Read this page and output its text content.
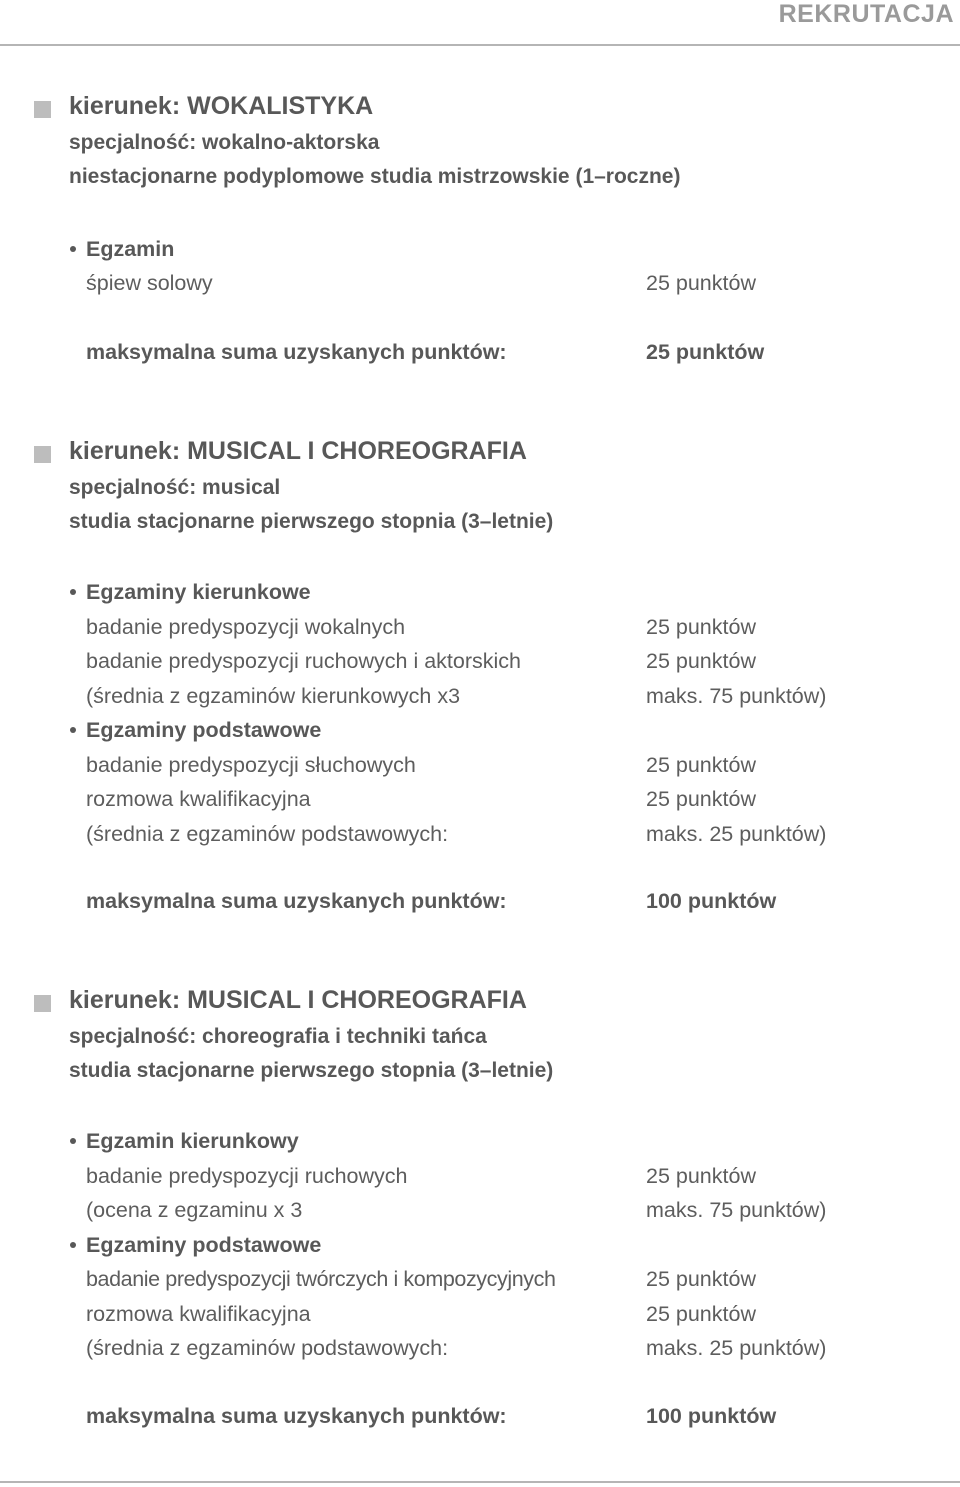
REKRUTACJA
kierunek: WOKALISTYKA

specjalność: wokalno-aktorska

niestacjonarne podyplomowe studia mistrzowskie (1–roczne)

Egzamin
śpiew solowy	25 punktów
maksymalna suma uzyskanych punktów:	25 punktów
kierunek: MUSICAL I CHOREOGRAFIA

specjalność: musical

studia stacjonarne pierwszego stopnia (3–letnie)

Egzaminy kierunkowe
badanie predyspozycji wokalnych	25 punktów
badanie predyspozycji ruchowych i aktorskich	25 punktów
(średnia z egzaminów kierunkowych x3	maks. 75 punktów)
Egzaminy podstawowe
badanie predyspozycji słuchowych	25 punktów
rozmowa kwalifikacyjna	25 punktów
(średnia z egzaminów podstawowych:	maks. 25 punktów)
maksymalna suma uzyskanych punktów:	100 punktów
kierunek: MUSICAL I CHOREOGRAFIA

specjalność: choreografia i techniki tańca

studia stacjonarne pierwszego stopnia (3–letnie)

Egzamin kierunkowy
badanie predyspozycji ruchowych	25 punktów
(ocena z egzaminu x 3	maks. 75 punktów)
Egzaminy podstawowe
badanie predyspozycji twórczych i kompozycyjnych	25 punktów
rozmowa kwalifikacyjna	25 punktów
(średnia z egzaminów podstawowych:	maks. 25 punktów)
maksymalna suma uzyskanych punktów:	100 punktów
